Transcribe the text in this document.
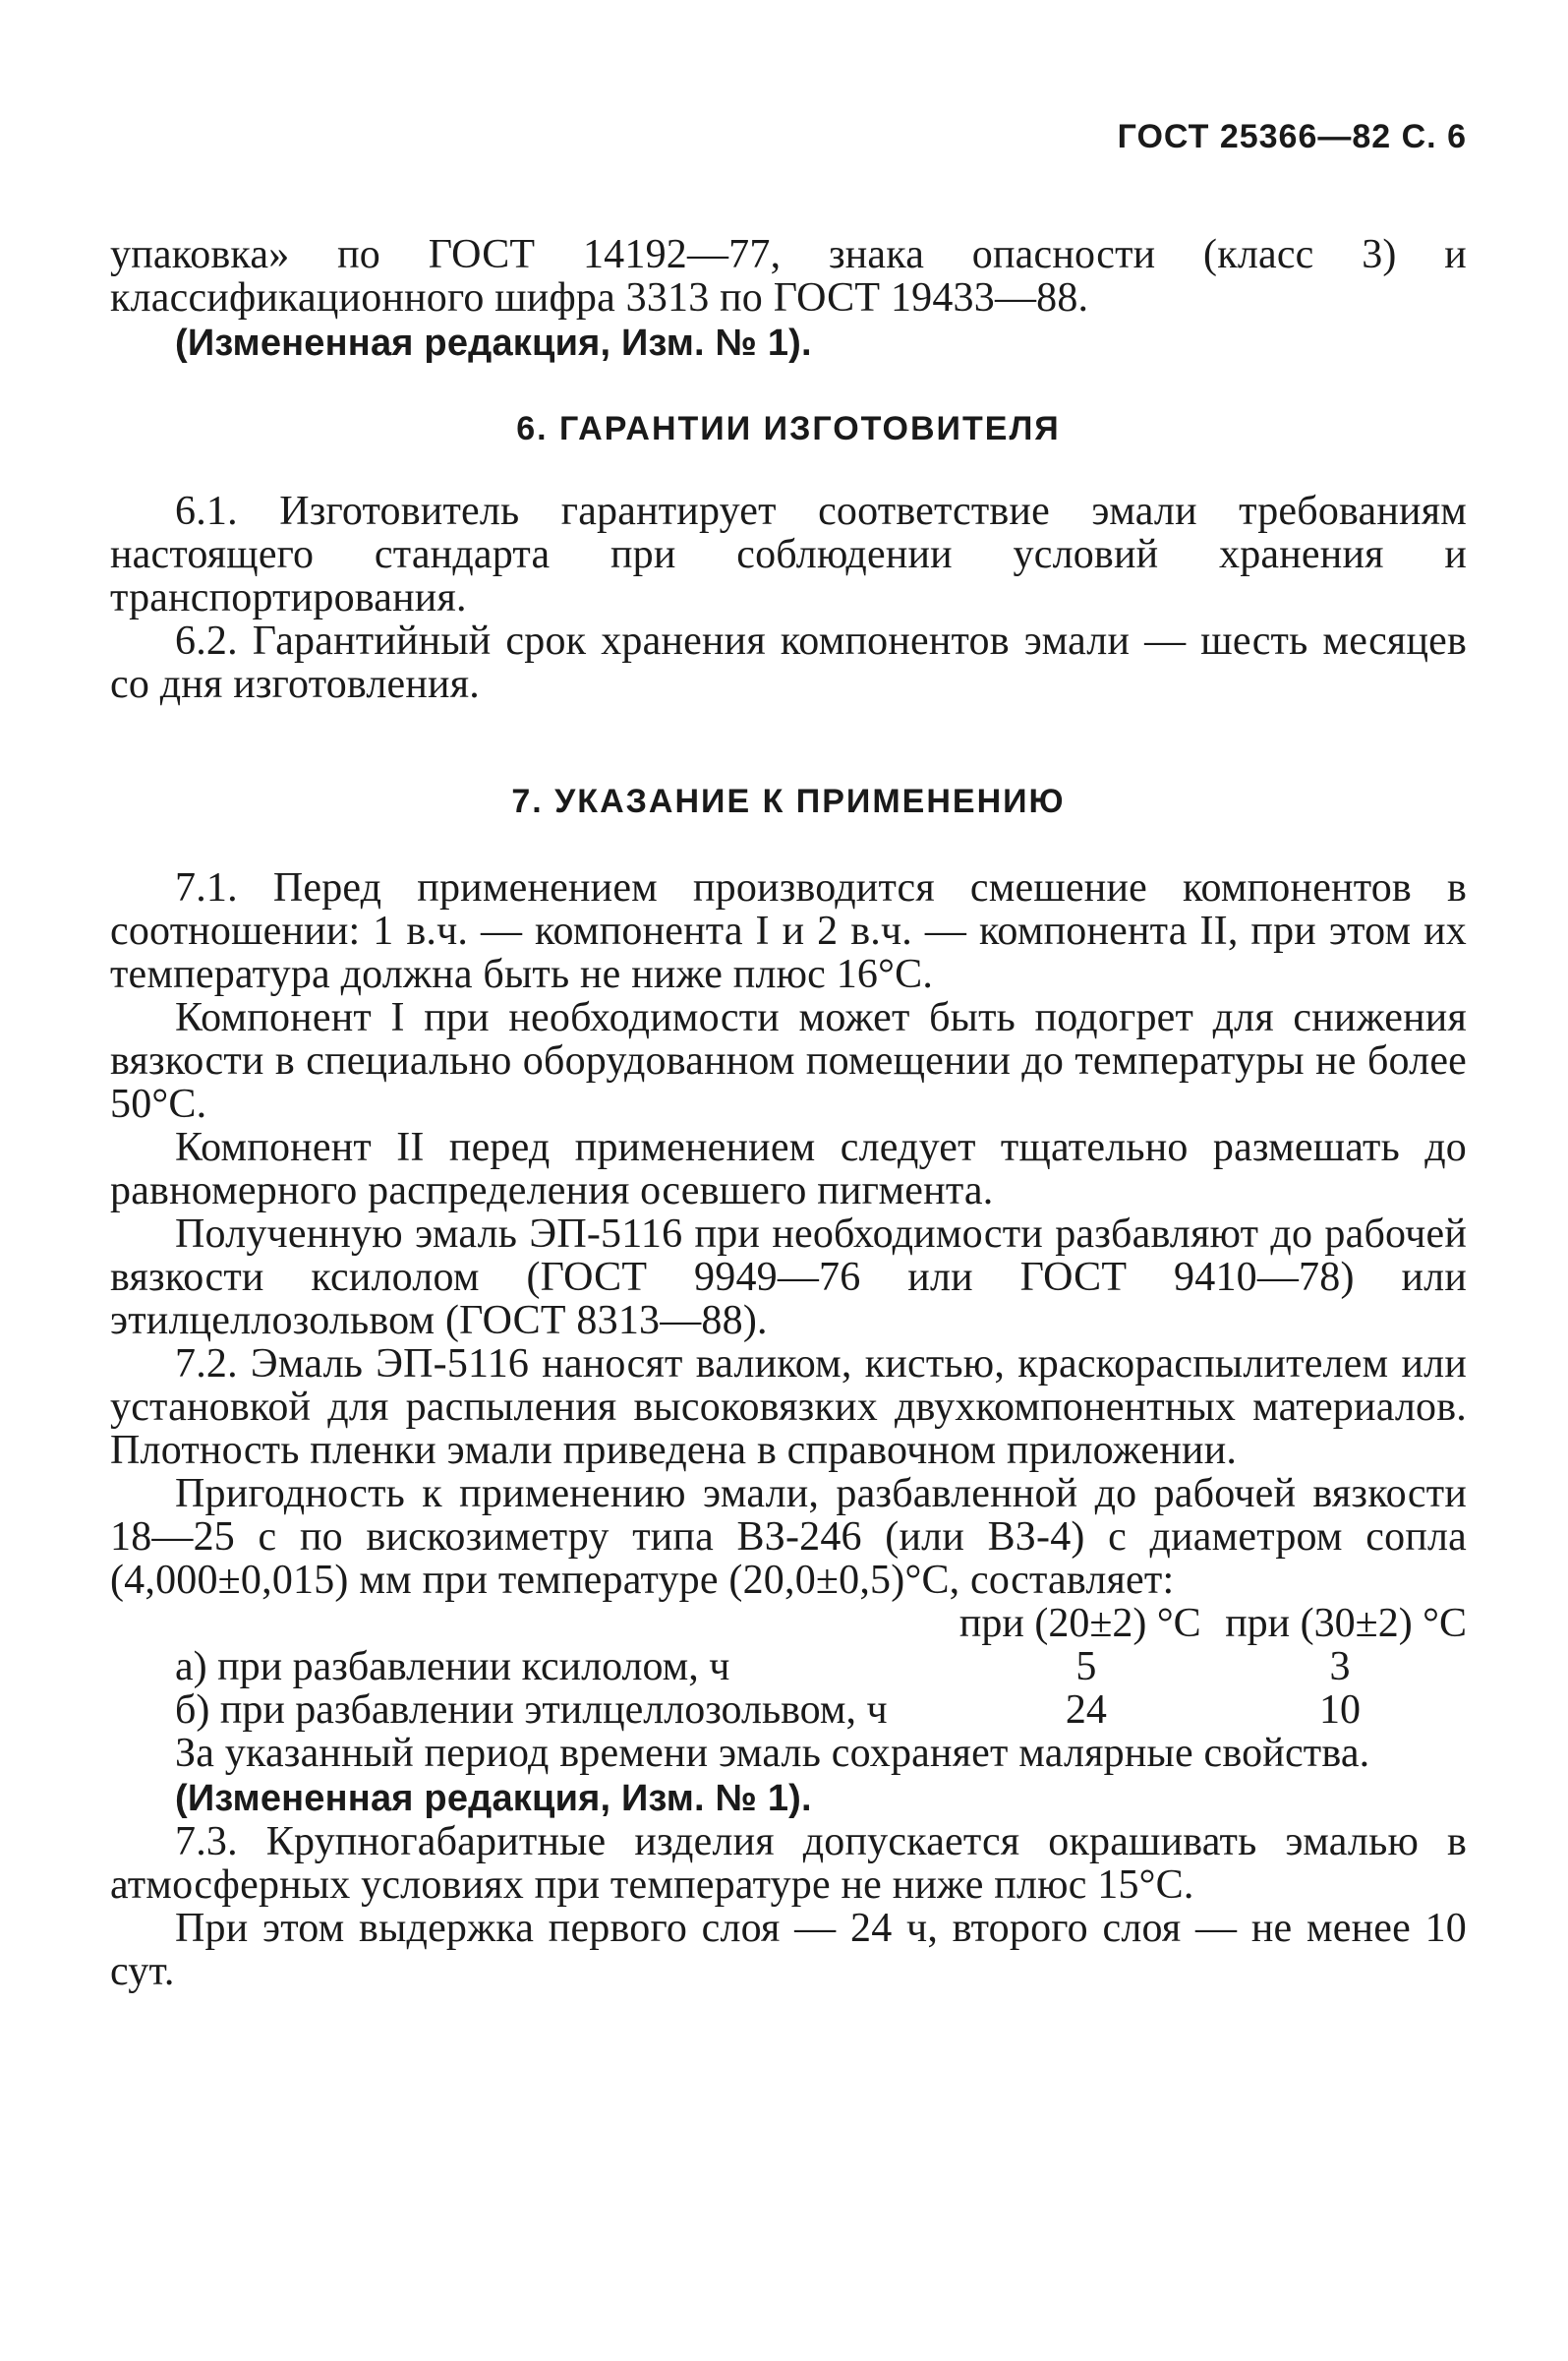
ГОСТ 25366—82 С. 6

упаковка» по ГОСТ 14192—77, знака опасности (класс 3) и классификационного шифра 3313 по ГОСТ 19433—88.

(Измененная редакция, Изм. № 1).

6. ГАРАНТИИ ИЗГОТОВИТЕЛЯ

6.1. Изготовитель гарантирует соответствие эмали требованиям настоящего стандарта при соблюдении условий хранения и транспортирования.

6.2. Гарантийный срок хранения компонентов эмали — шесть месяцев со дня изготовления.

7. УКАЗАНИЕ К ПРИМЕНЕНИЮ

7.1. Перед применением производится смешение компонентов в соотношении: 1 в.ч. — компонента I и 2 в.ч. — компонента II, при этом их температура должна быть не ниже плюс 16°С.

Компонент I при необходимости может быть подогрет для снижения вязкости в специально оборудованном помещении до температуры не более 50°С.

Компонент II перед применением следует тщательно размешать до равномерного распределения осевшего пигмента.

Полученную эмаль ЭП-5116 при необходимости разбавляют до рабочей вязкости ксилолом (ГОСТ 9949—76 или ГОСТ 9410—78) или этилцеллозольвом (ГОСТ 8313—88).

7.2. Эмаль ЭП-5116 наносят валиком, кистью, краскораспылителем или установкой для распыления высоковязких двухкомпонентных материалов. Плотность пленки эмали приведена в справочном приложении.

Пригодность к применению эмали, разбавленной до рабочей вязкости 18—25 с по вискозиметру типа ВЗ-246 (или ВЗ-4) с диаметром сопла (4,000±0,015) мм при температуре (20,0±0,5)°С, составляет:

	при (20±2) °С при (30±2) °С	
а) при разбавлении ксилолом, ч	5	3
б) при разбавлении этилцеллозольвом, ч	24	10

За указанный период времени эмаль сохраняет малярные свойства.

(Измененная редакция, Изм. № 1).

7.3. Крупногабаритные изделия допускается окрашивать эмалью в атмосферных условиях при температуре не ниже плюс 15°С.

При этом выдержка первого слоя — 24 ч, второго слоя — не менее 10 сут.
